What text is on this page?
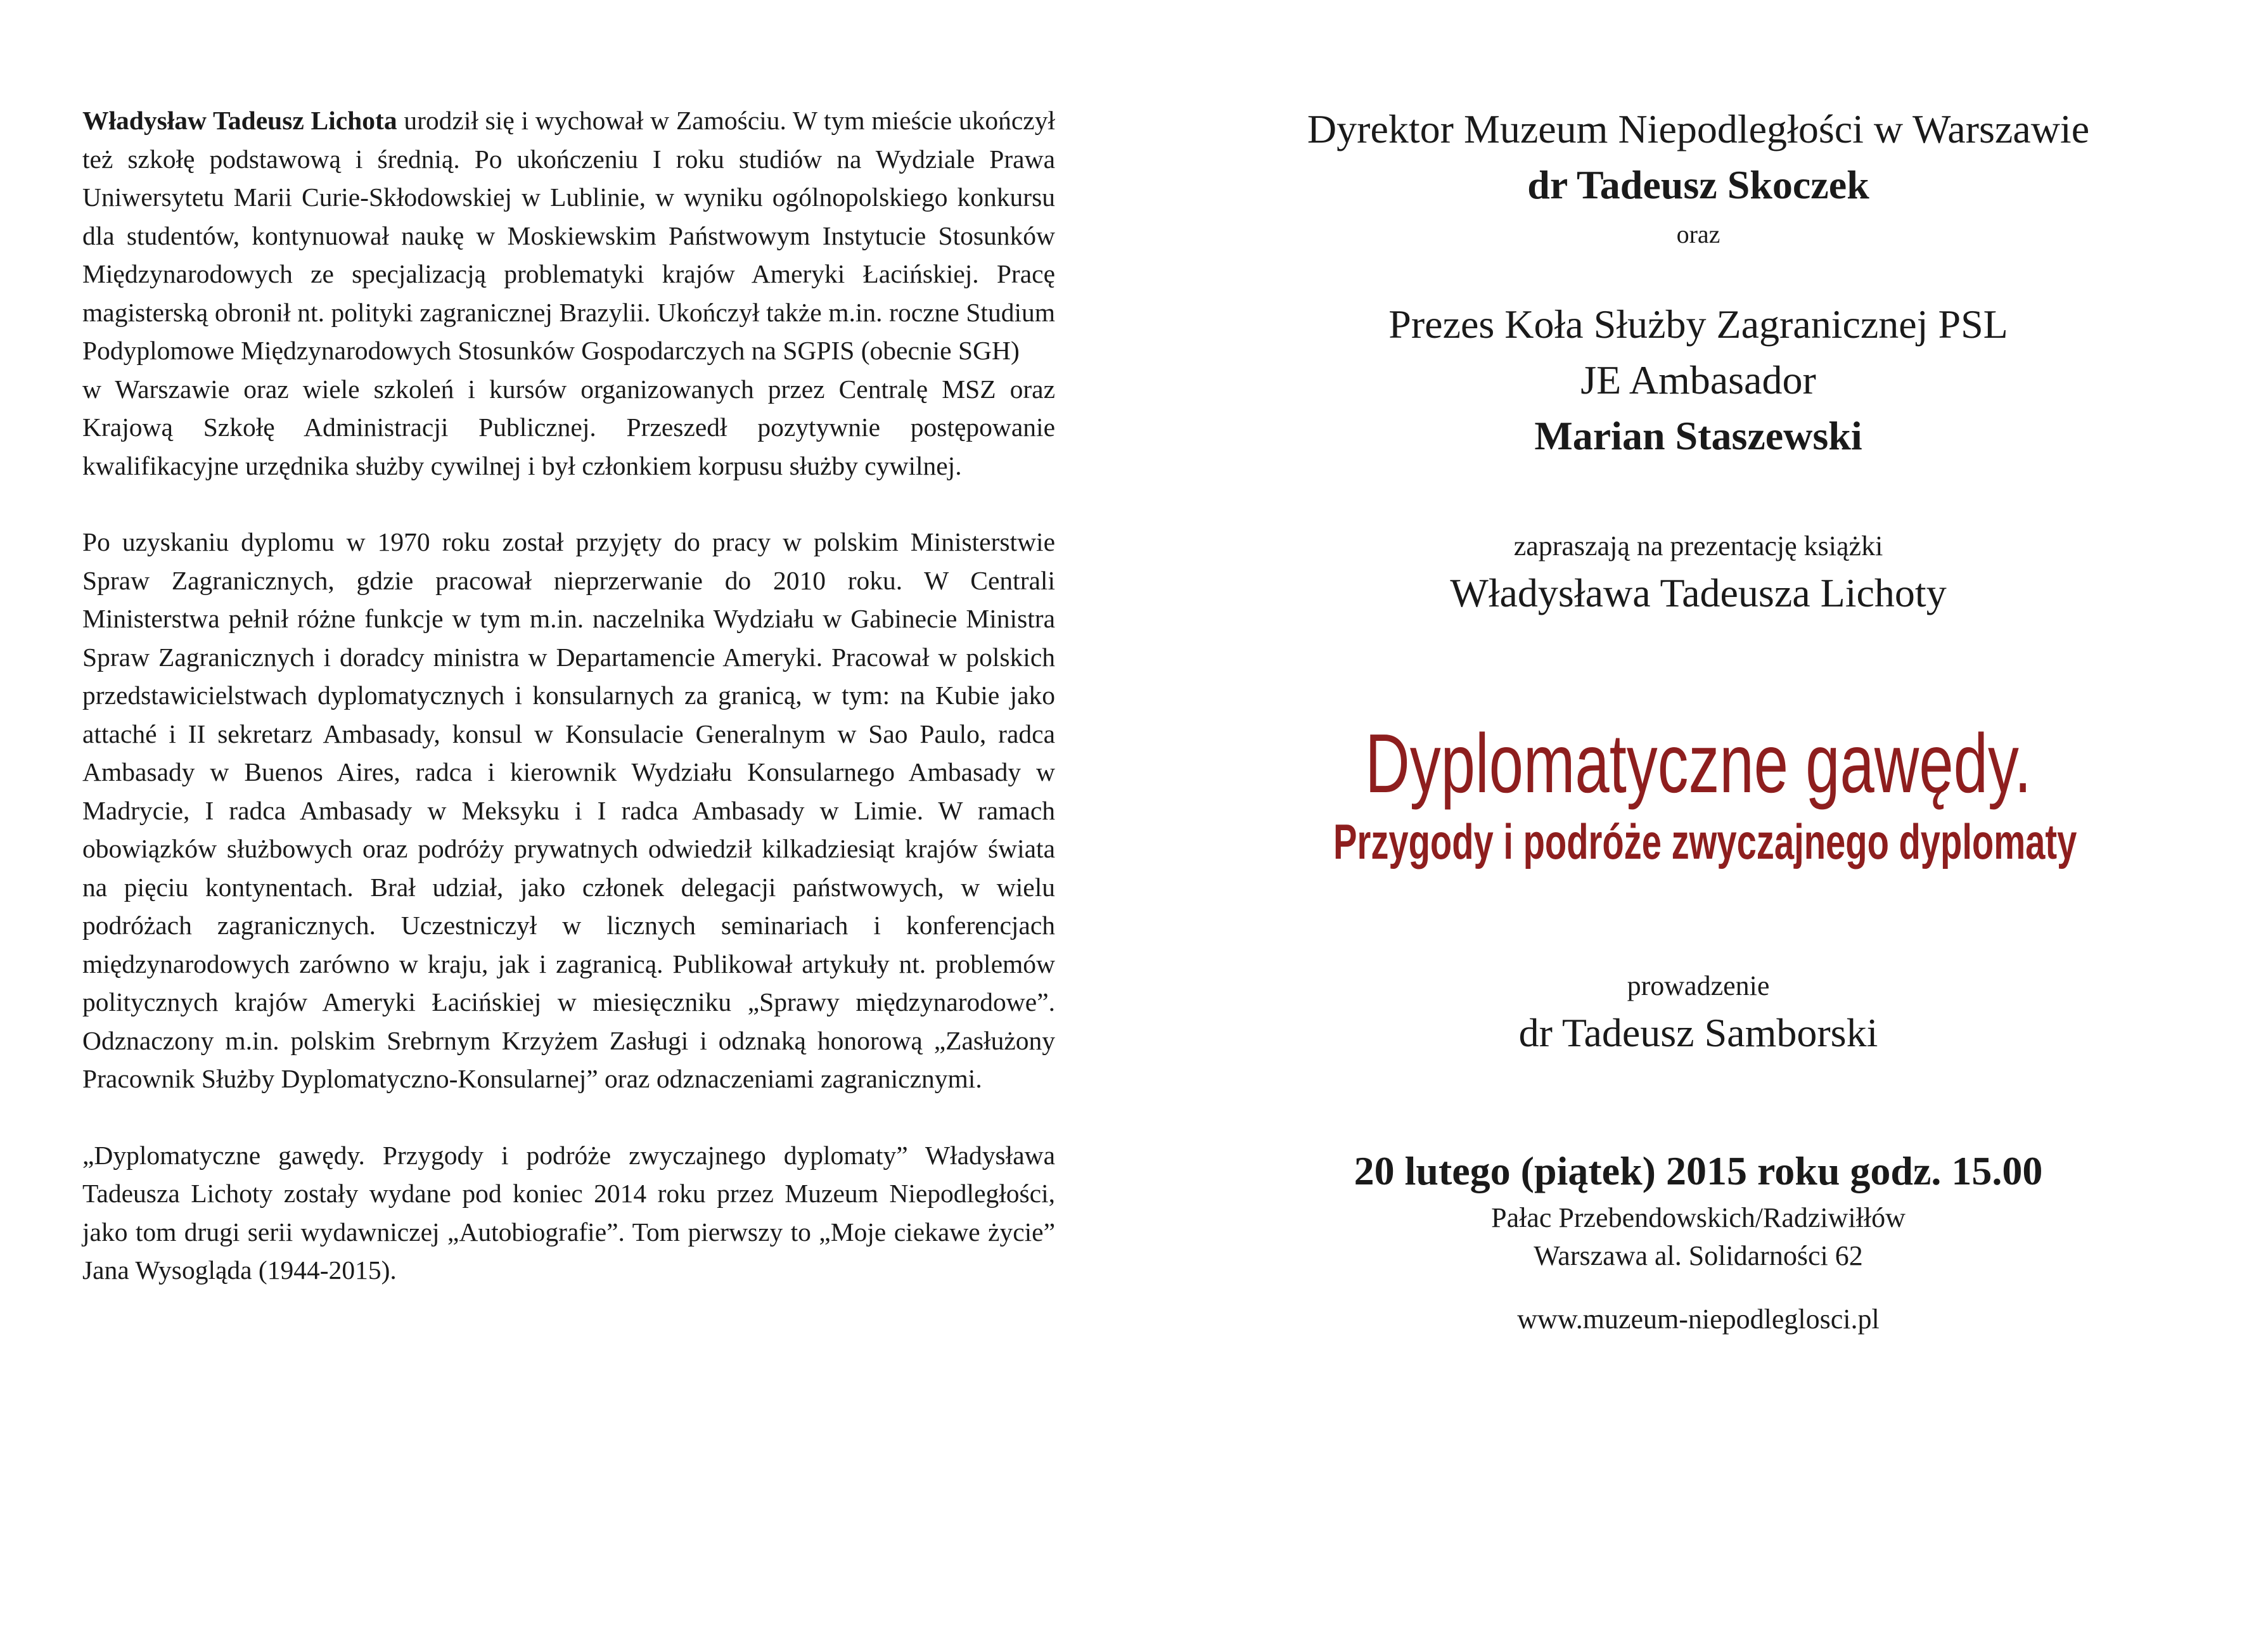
Władysław Tadeusz Lichota urodził się i wychował w Zamościu. W tym mieście ukończył też szkołę podstawową i średnią. Po ukończeniu I roku studiów na Wydziale Prawa Uniwersytetu Marii Curie-Skłodowskiej w Lublinie, w wyniku ogólnopolskiego konkursu dla studentów, kontynuował naukę w Moskiewskim Państwowym Instytucie Stosunków Międzynarodowych ze specjalizacją problematyki krajów Ameryki Łacińskiej. Pracę magisterską obronił nt. polityki zagranicznej Brazylii. Ukończył także m.in. roczne Studium Podyplomowe Międzynarodowych Stosunków Gospodarczych na SGPIS (obecnie SGH)

w Warszawie oraz wiele szkoleń i kursów organizowanych przez Centralę MSZ oraz Krajową Szkołę Administracji Publicznej. Przeszedł pozytywnie postępowanie kwalifikacyjne urzędnika służby cywilnej i był członkiem korpusu służby cywilnej.

Po uzyskaniu dyplomu w 1970 roku został przyjęty do pracy w polskim Ministerstwie Spraw Zagranicznych, gdzie pracował nieprzerwanie do 2010 roku. W Centrali Ministerstwa pełnił różne funkcje w tym m.in. naczelnika Wydziału w Gabinecie Ministra Spraw Zagranicznych i doradcy ministra w Departamencie Ameryki. Pracował w polskich przedstawicielstwach dyplomatycznych i konsularnych za granicą, w tym: na Kubie jako attaché i II sekretarz Ambasady, konsul w Konsulacie Generalnym w Sao Paulo, radca Ambasady w Buenos Aires, radca i kierownik Wydziału Konsularnego Ambasady w Madrycie, I radca Ambasady w Meksyku i I radca Ambasady w Limie. W ramach obowiązków służbowych oraz podróży prywatnych odwiedził kilkadziesiąt krajów świata na pięciu kontynentach. Brał udział, jako członek delegacji państwowych, w wielu podróżach zagranicznych. Uczestniczył w licznych seminariach i konferencjach międzynarodowych zarówno w kraju, jak i zagranicą. Publikował artykuły nt. problemów politycznych krajów Ameryki Łacińskiej w miesięczniku „Sprawy międzynarodowe”. Odznaczony m.in. polskim Srebrnym Krzyżem Zasługi i odznaką honorową „Zasłużony Pracownik Służby Dyplomatyczno-Konsularnej” oraz odznaczeniami zagranicznymi.

„Dyplomatyczne gawędy. Przygody i podróże zwyczajnego dyplomaty” Władysława Tadeusza Lichoty zostały wydane pod koniec 2014 roku przez Muzeum Niepodległości, jako tom drugi serii wydawniczej „Autobiografie”. Tom pierwszy to „Moje ciekawe życie” Jana Wysogląda (1944-2015).

Dyrektor Muzeum Niepodległości w Warszawie
dr Tadeusz Skoczek
oraz
Prezes Koła Służby Zagranicznej PSL
JE Ambasador
Marian Staszewski
zapraszają na prezentację książki
Władysława Tadeusza Lichoty
Dyplomatyczne gawędy.
Przygody i podróże zwyczajnego dyplomaty
prowadzenie
dr Tadeusz Samborski
20 lutego (piątek) 2015 roku godz. 15.00
Pałac Przebendowskich/Radziwiłłów
Warszawa al. Solidarności 62
www.muzeum-niepodleglosci.pl
